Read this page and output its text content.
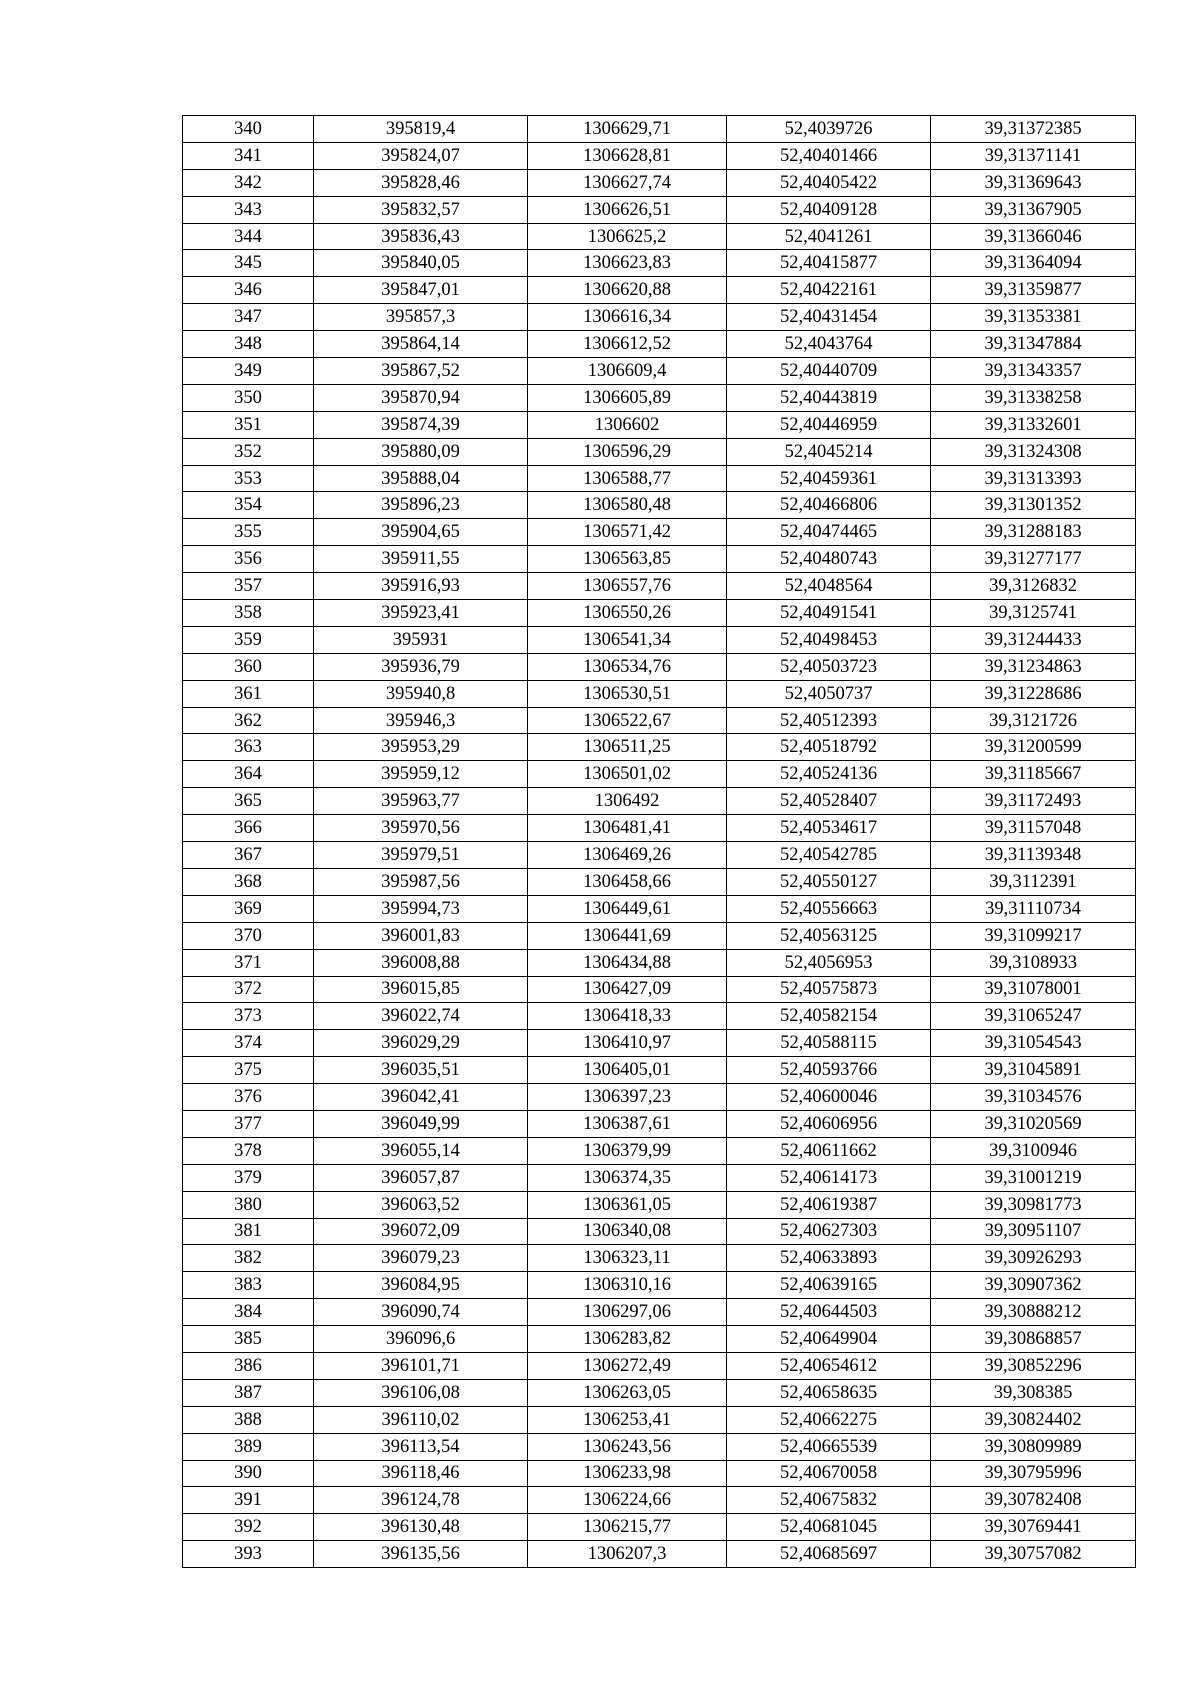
340	395819,4	1306629,71	52,4039726	39,31372385
341	395824,07	1306628,81	52,40401466	39,31371141
342	395828,46	1306627,74	52,40405422	39,31369643
343	395832,57	1306626,51	52,40409128	39,31367905
344	395836,43	1306625,2	52,4041261	39,31366046
345	395840,05	1306623,83	52,40415877	39,31364094
346	395847,01	1306620,88	52,40422161	39,31359877
347	395857,3	1306616,34	52,40431454	39,31353381
348	395864,14	1306612,52	52,4043764	39,31347884
349	395867,52	1306609,4	52,40440709	39,31343357
350	395870,94	1306605,89	52,40443819	39,31338258
351	395874,39	1306602	52,40446959	39,31332601
352	395880,09	1306596,29	52,4045214	39,31324308
353	395888,04	1306588,77	52,40459361	39,31313393
354	395896,23	1306580,48	52,40466806	39,31301352
355	395904,65	1306571,42	52,40474465	39,31288183
356	395911,55	1306563,85	52,40480743	39,31277177
357	395916,93	1306557,76	52,4048564	39,3126832
358	395923,41	1306550,26	52,40491541	39,3125741
359	395931	1306541,34	52,40498453	39,31244433
360	395936,79	1306534,76	52,40503723	39,31234863
361	395940,8	1306530,51	52,4050737	39,31228686
362	395946,3	1306522,67	52,40512393	39,3121726
363	395953,29	1306511,25	52,40518792	39,31200599
364	395959,12	1306501,02	52,40524136	39,31185667
365	395963,77	1306492	52,40528407	39,31172493
366	395970,56	1306481,41	52,40534617	39,31157048
367	395979,51	1306469,26	52,40542785	39,31139348
368	395987,56	1306458,66	52,40550127	39,3112391
369	395994,73	1306449,61	52,40556663	39,31110734
370	396001,83	1306441,69	52,40563125	39,31099217
371	396008,88	1306434,88	52,4056953	39,3108933
372	396015,85	1306427,09	52,40575873	39,31078001
373	396022,74	1306418,33	52,40582154	39,31065247
374	396029,29	1306410,97	52,40588115	39,31054543
375	396035,51	1306405,01	52,40593766	39,31045891
376	396042,41	1306397,23	52,40600046	39,31034576
377	396049,99	1306387,61	52,40606956	39,31020569
378	396055,14	1306379,99	52,40611662	39,3100946
379	396057,87	1306374,35	52,40614173	39,31001219
380	396063,52	1306361,05	52,40619387	39,30981773
381	396072,09	1306340,08	52,40627303	39,30951107
382	396079,23	1306323,11	52,40633893	39,30926293
383	396084,95	1306310,16	52,40639165	39,30907362
384	396090,74	1306297,06	52,40644503	39,30888212
385	396096,6	1306283,82	52,40649904	39,30868857
386	396101,71	1306272,49	52,40654612	39,30852296
387	396106,08	1306263,05	52,40658635	39,308385
388	396110,02	1306253,41	52,40662275	39,30824402
389	396113,54	1306243,56	52,40665539	39,30809989
390	396118,46	1306233,98	52,40670058	39,30795996
391	396124,78	1306224,66	52,40675832	39,30782408
392	396130,48	1306215,77	52,40681045	39,30769441
393	396135,56	1306207,3	52,40685697	39,30757082
